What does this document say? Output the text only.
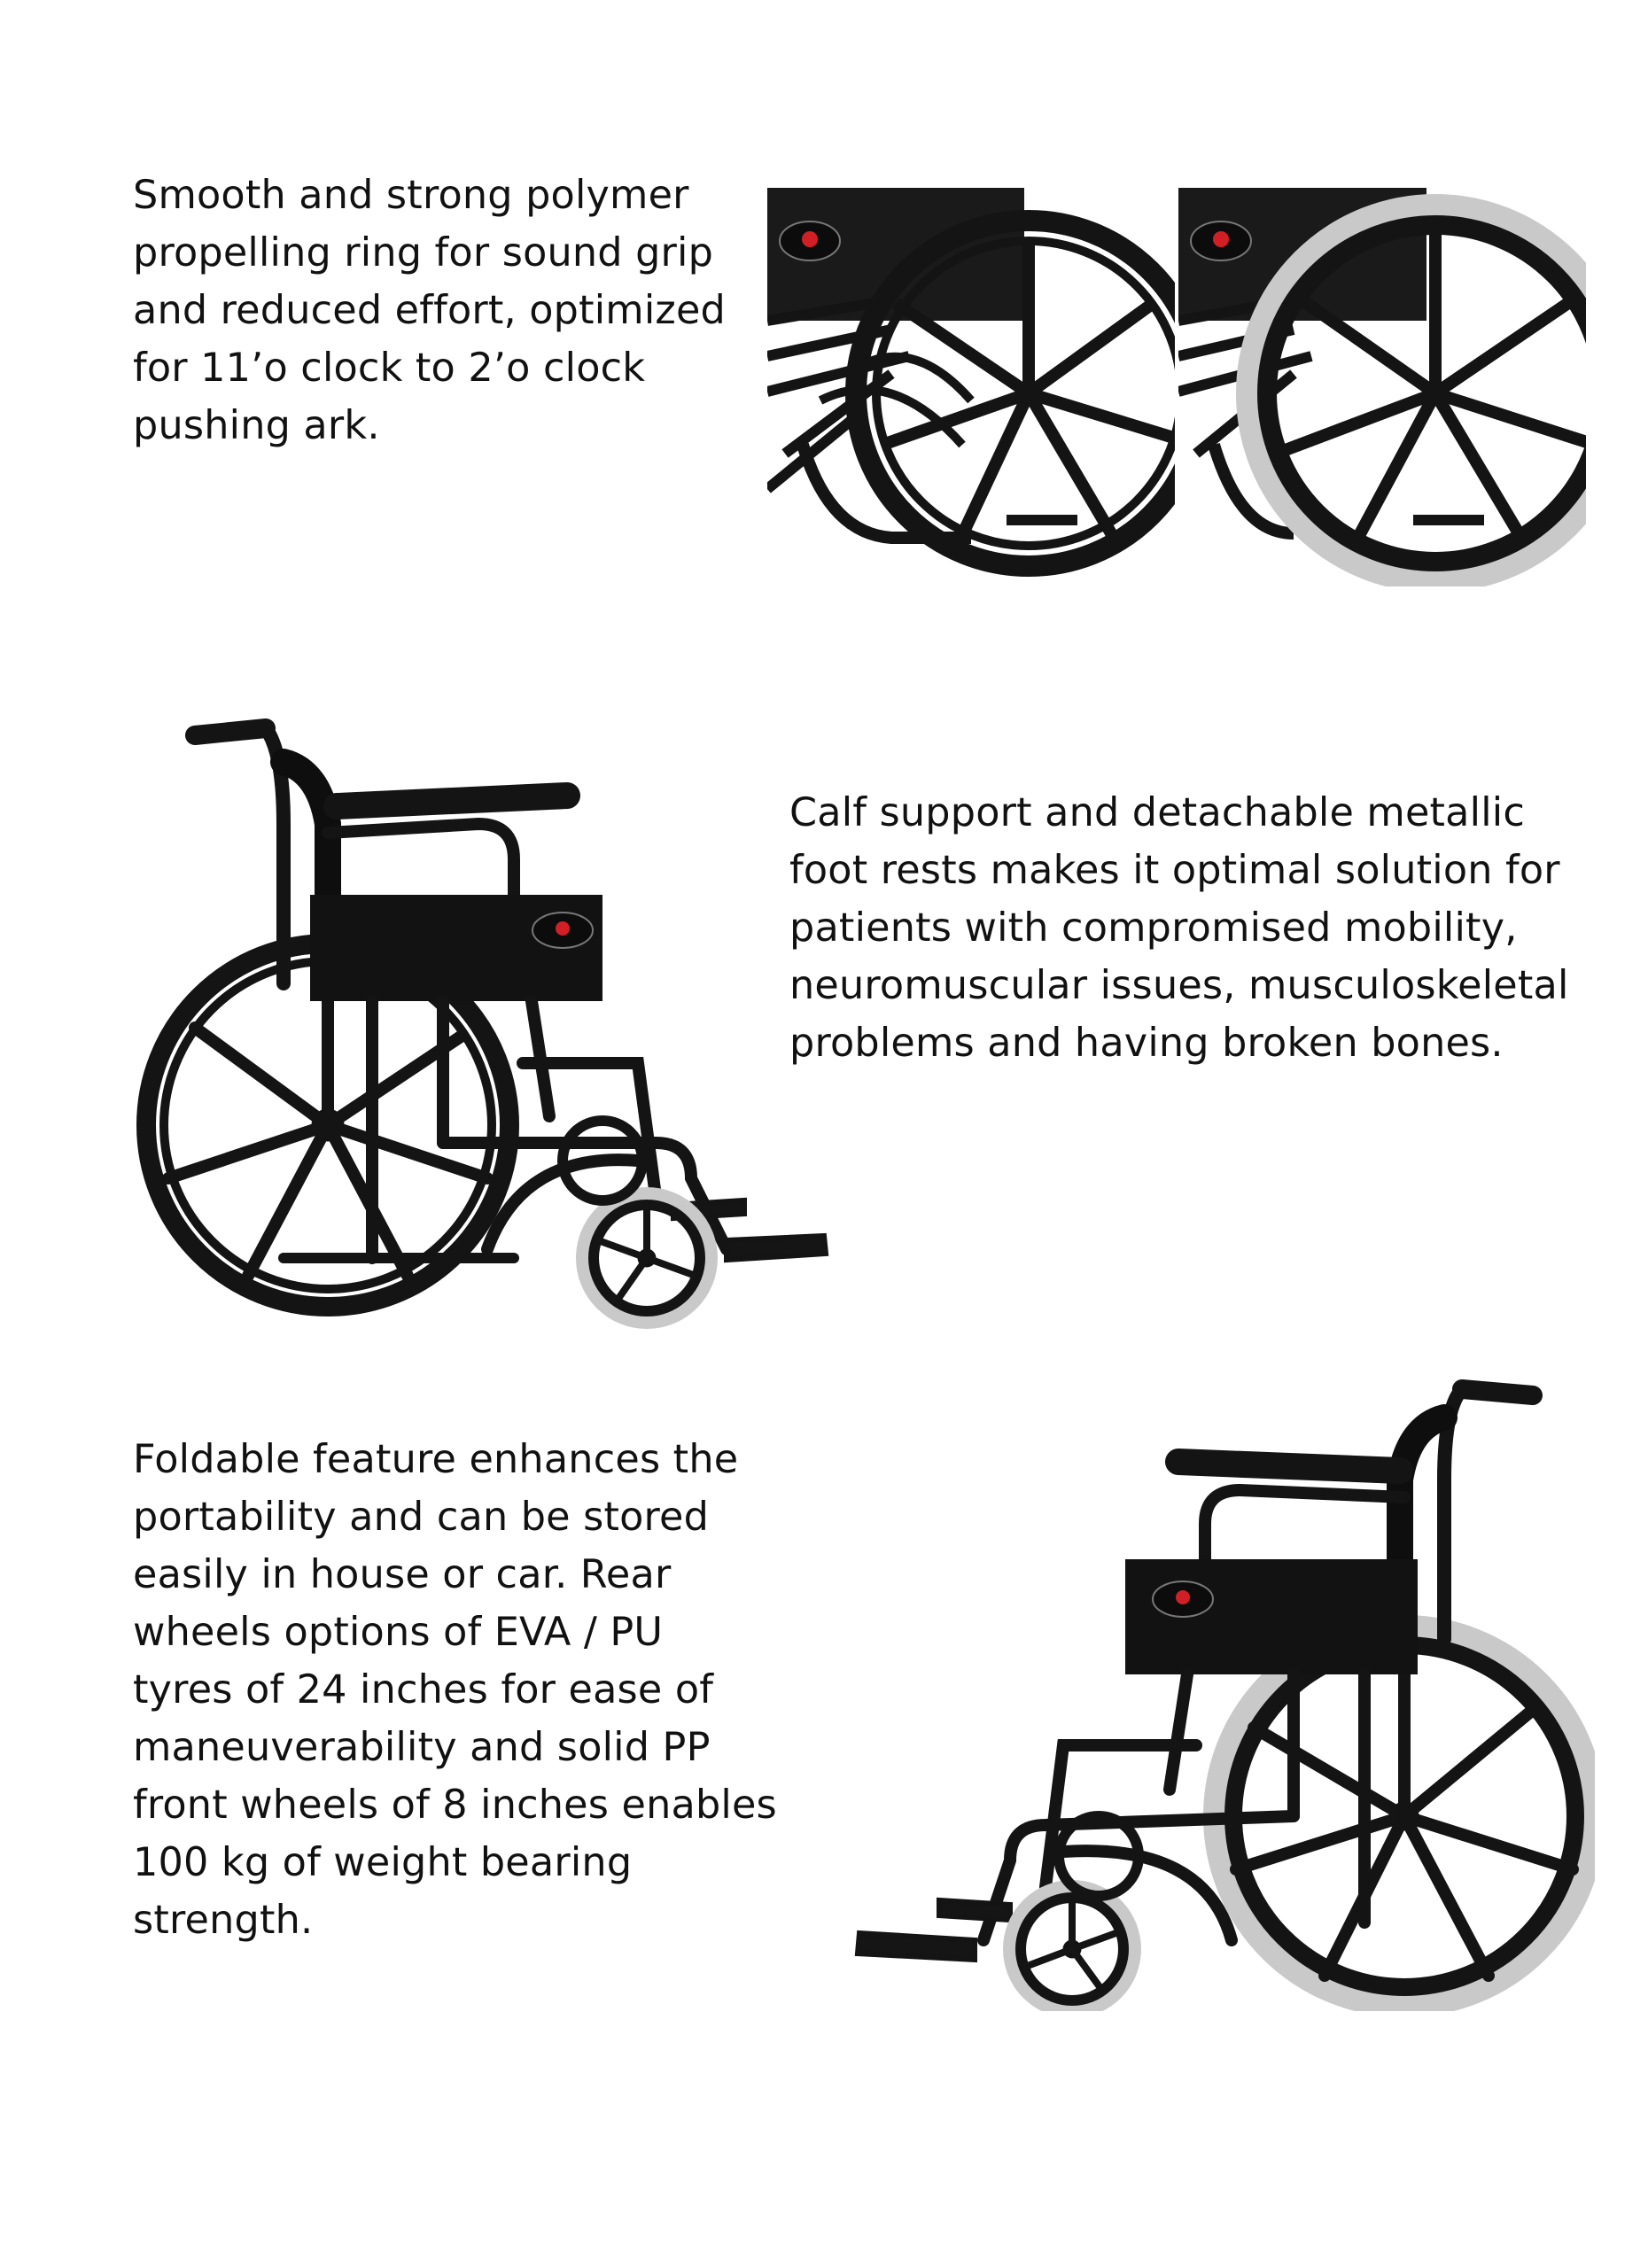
Smooth and strong polymer
propelling ring for sound grip
and reduced effort, optimized
for 11’o clock to 2’o clock
pushing ark.
Calf support and detachable metallic
foot rests makes it optimal solution for
patients with compromised mobility,
neuromuscular issues, musculoskeletal
problems and having broken bones.
Foldable feature enhances the
portability and can be stored
easily in house or car. Rear
wheels options of EVA / PU
tyres of 24 inches for ease of
maneuverability and solid PP
front wheels of 8 inches enables
100 kg of weight bearing
strength.
